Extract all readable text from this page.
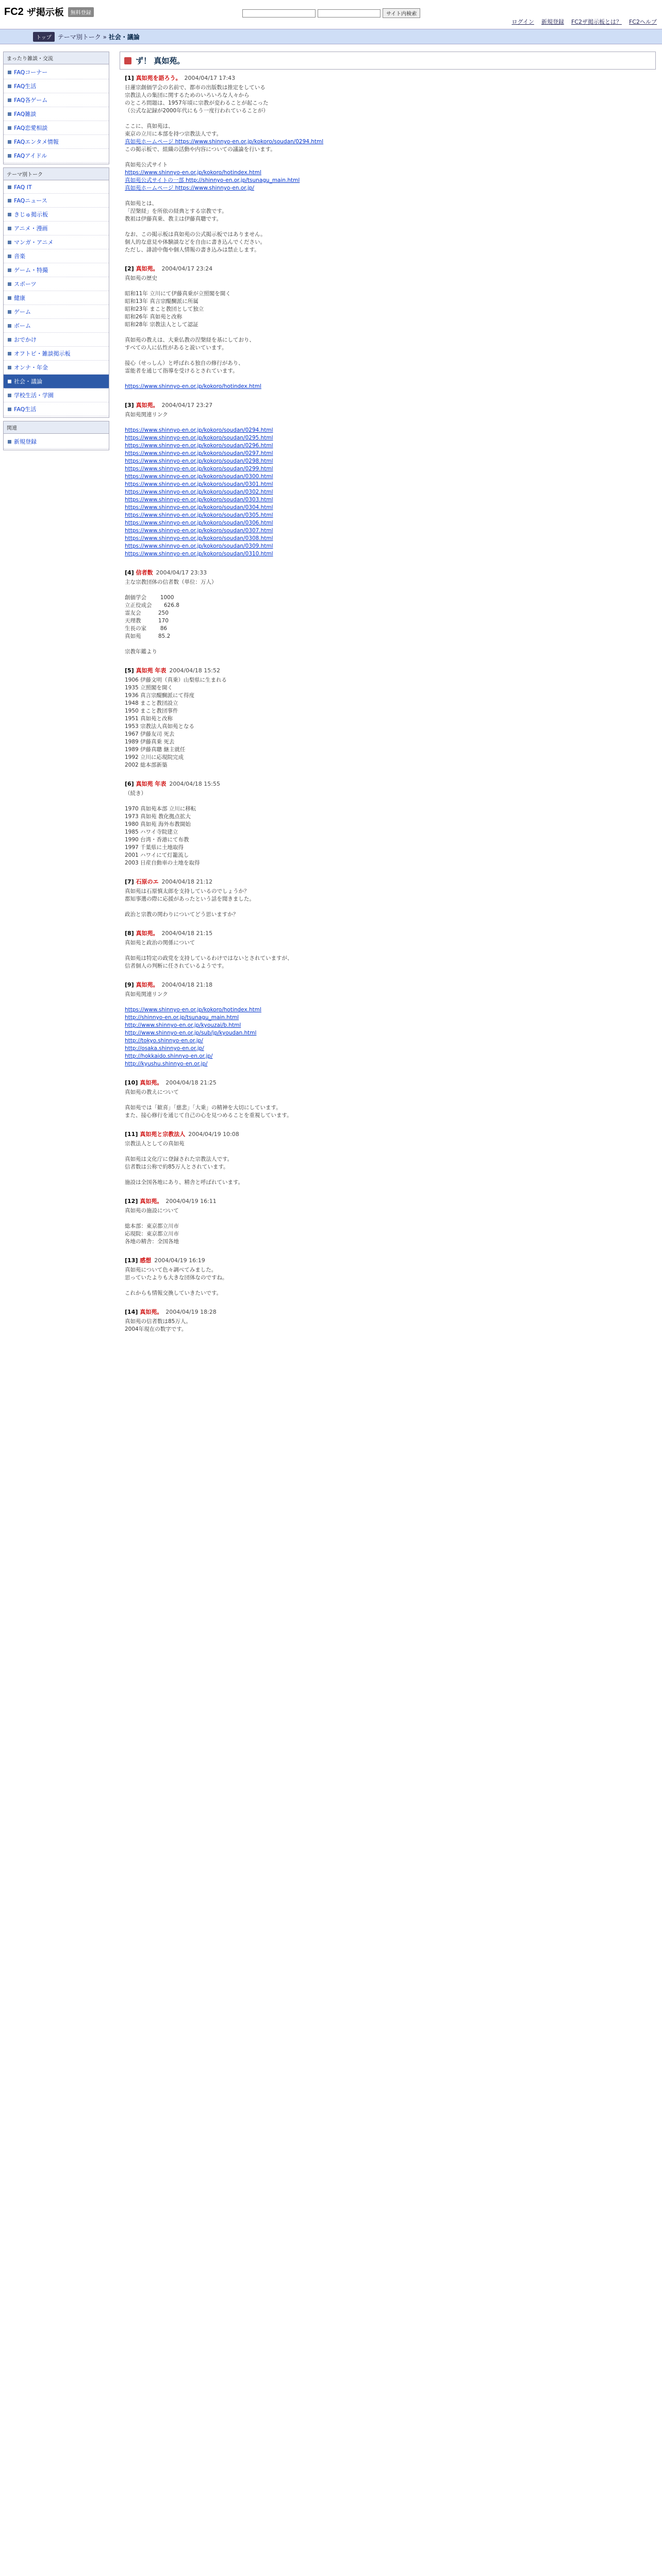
FC2 ザ掲示板	無料登録	サイト内検索
ログイン 新規登録 FC2ザ掲示板とは？ FC2ヘルプ
トップ	テーマ別トーク » 社会・議論
まったり雑談・交流
FAQコーナー
FAQ生活
FAQ各ゲーム
FAQ雑談
FAQ恋愛相談
FAQエンタメ情報
FAQアイドル
テーマ別トーク
FAQ IT
FAQニュース
きじゅ掲示板
アニメ・漫画
マンガ・アニメ
音楽
ゲーム・特撮
スポーツ
健康
ゲーム
ボーム
おでかけ
オフトピ・雑談掲示板
オンナ・年金
社会・議論
学校生活・学園
FAQ生活
関連
新規登録
ず！ 真如苑。
[1] 真如苑を語ろう。 2004/04/17 17:43
日蓮宗創価学会の名前で、都市の出版数は推定をしている
宗教法人の集団に関するためのいろいろな人々から
のところ問題は、1957年頃に宗教が変わることが起こった
（公式な記録が2000年代にもう一度行われていることが）

ここに、真如苑は、
東京の立川に本部を持つ宗教法人です。
真如苑ホームページ https://www.shinnyo-en.or.jp/kokoro/soudan/0294.html
この掲示板で、組織の活動や内容についての議論を行います。

真如苑公式サイト
https://www.shinnyo-en.or.jp/kokoro/hotindex.html
真如苑公式サイトの一部 http://shinnyo-en.or.jp/tsunagu_main.html
真如苑ホームページ https://www.shinnyo-en.or.jp/

真如苑とは、
「涅槃経」を所依の経典とする宗教です。
教祖は伊藤真乗、教主は伊藤真聰です。

なお、この掲示板は真如苑の公式掲示板ではありません。
個人的な意見や体験談などを自由に書き込んでください。
ただし、誹謗中傷や個人情報の書き込みは禁止します。
[2] 真如苑。 2004/04/17 23:24
真如苑の歴史

昭和11年 立川にて伊藤真乗が立照閣を開く
昭和13年 真言宗醍醐派に所属
昭和23年 まこと教団として独立
昭和26年 真如苑と改称
昭和28年 宗教法人として認証

真如苑の教えは、大乗仏教の涅槃経を基にしており、
すべての人に仏性があると説いています。

接心（せっしん）と呼ばれる独自の修行があり、
霊能者を通じて指導を受けるとされています。

https://www.shinnyo-en.or.jp/kokoro/hotindex.html
[3] 真如苑。 2004/04/17 23:27
真如苑関連リンク

https://www.shinnyo-en.or.jp/kokoro/soudan/0294.html
https://www.shinnyo-en.or.jp/kokoro/soudan/0295.html
https://www.shinnyo-en.or.jp/kokoro/soudan/0296.html
https://www.shinnyo-en.or.jp/kokoro/soudan/0297.html
https://www.shinnyo-en.or.jp/kokoro/soudan/0298.html
https://www.shinnyo-en.or.jp/kokoro/soudan/0299.html
https://www.shinnyo-en.or.jp/kokoro/soudan/0300.html
https://www.shinnyo-en.or.jp/kokoro/soudan/0301.html
https://www.shinnyo-en.or.jp/kokoro/soudan/0302.html
https://www.shinnyo-en.or.jp/kokoro/soudan/0303.html
https://www.shinnyo-en.or.jp/kokoro/soudan/0304.html
https://www.shinnyo-en.or.jp/kokoro/soudan/0305.html
https://www.shinnyo-en.or.jp/kokoro/soudan/0306.html
https://www.shinnyo-en.or.jp/kokoro/soudan/0307.html
https://www.shinnyo-en.or.jp/kokoro/soudan/0308.html
https://www.shinnyo-en.or.jp/kokoro/soudan/0309.html
https://www.shinnyo-en.or.jp/kokoro/soudan/0310.html
[4] 信者数 2004/04/17 23:33
主な宗教団体の信者数（単位：万人）

創価学会        1000
立正佼成会       626.8
霊友会          250
天理教          170
生長の家        86
真如苑          85.2

宗教年鑑より
[5] 真如苑 年表 2004/04/18 15:52
1906 伊藤文明（真乗）山梨県に生まれる
1935 立照閣を開く
1936 真言宗醍醐派にて得度
1948 まこと教団設立
1950 まこと教団事件
1951 真如苑と改称
1953 宗教法人真如苑となる
1967 伊藤友司 死去
1989 伊藤真乗 死去
1989 伊藤真聰 継主就任
1992 立川に応現院完成
2002 総本部新築
[6] 真如苑 年表 2004/04/18 15:55
（続き）

1970 真如苑本部 立川に移転
1973 真如苑 教化拠点拡大
1980 真如苑 海外布教開始
1985 ハワイ寺院建立
1990 台湾・香港にて布教
1997 千葉県に土地取得
2001 ハワイにて灯籠流し
2003 日産自動車の土地を取得
[7] 石原のエ 2004/04/18 21:12
真如苑は石原慎太郎を支持しているのでしょうか？
都知事選の際に応援があったという話を聞きました。

政治と宗教の関わりについてどう思いますか？
[8] 真如苑。 2004/04/18 21:15
真如苑と政治の関係について

真如苑は特定の政党を支持しているわけではないとされていますが、
信者個人の判断に任されているようです。
[9] 真如苑。 2004/04/18 21:18
真如苑関連リンク

https://www.shinnyo-en.or.jp/kokoro/hotindex.html
http://shinnyo-en.or.jp/tsunagu_main.html
http://www.shinnyo-en.or.jp/kyouzai/b.html
http://www.shinnyo-en.or.jp/sub/jp/kyoudan.html
http://tokyo.shinnyo-en.or.jp/
http://osaka.shinnyo-en.or.jp/
http://hokkaido.shinnyo-en.or.jp/
http://kyushu.shinnyo-en.or.jp/
[10] 真如苑。 2004/04/18 21:25
真如苑の教えについて

真如苑では「歓喜」「慈悲」「大乗」の精神を大切にしています。
また、接心修行を通じて自己の心を見つめることを重視しています。
[11] 真如苑と宗教法人 2004/04/19 10:08
宗教法人としての真如苑

真如苑は文化庁に登録された宗教法人です。
信者数は公称で約85万人とされています。

施設は全国各地にあり、精舎と呼ばれています。
[12] 真如苑。 2004/04/19 16:11
真如苑の施設について

総本部：東京都立川市
応現院：東京都立川市
各地の精舎：全国各地
[13] 感想 2004/04/19 16:19
真如苑について色々調べてみました。
思っていたよりも大きな団体なのですね。

これからも情報交換していきたいです。
[14] 真如苑。 2004/04/19 18:28
真如苑の信者数は85万人。
2004年現在の数字です。
